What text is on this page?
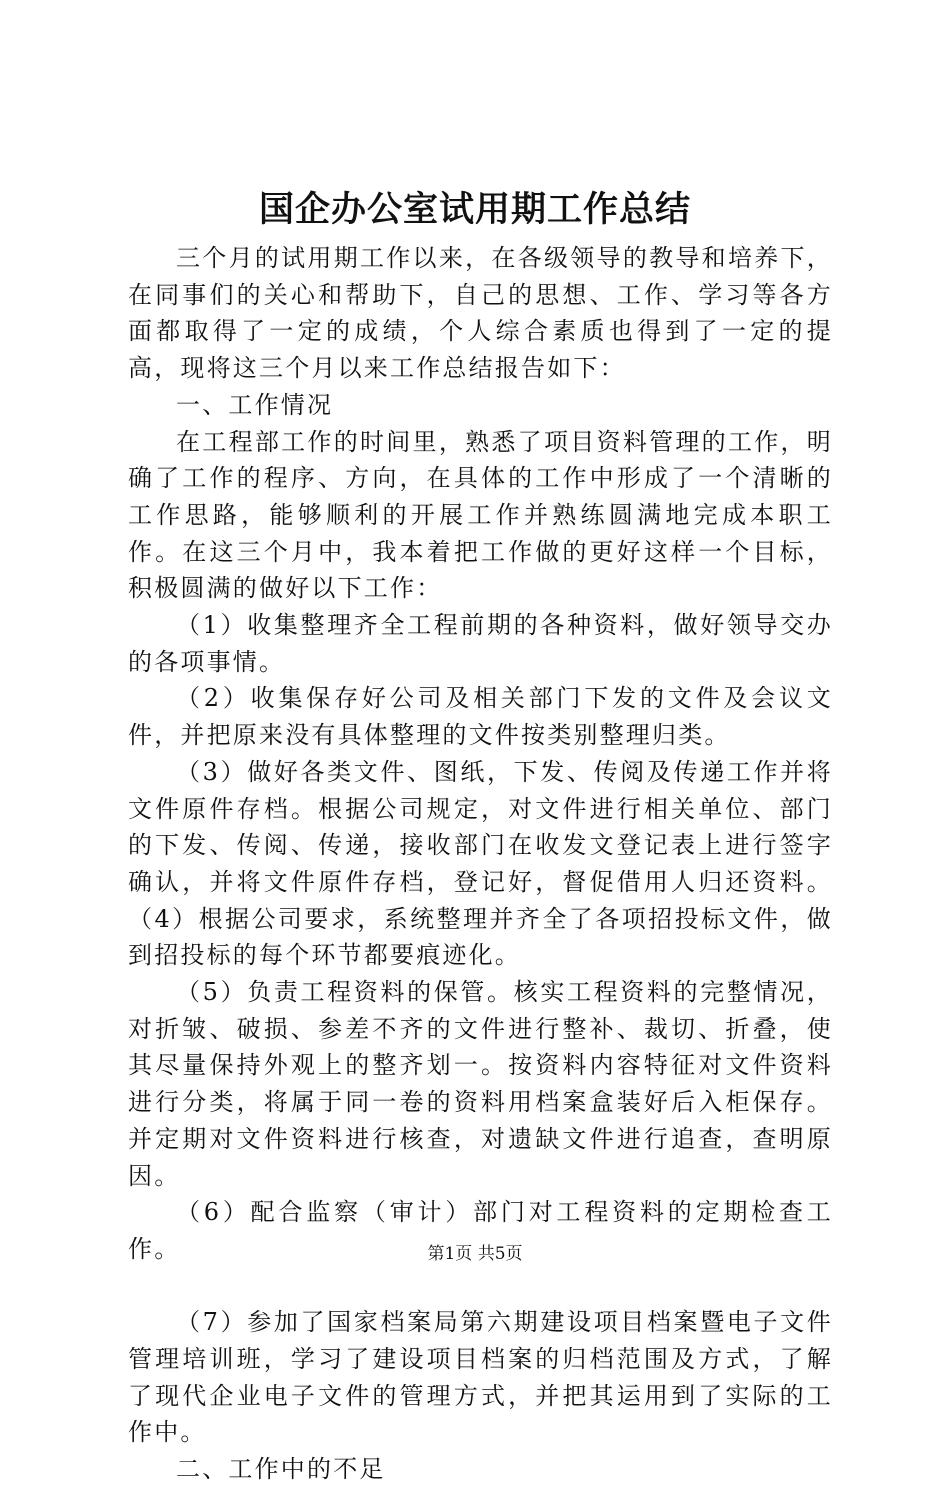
国企办公室试用期工作总结

三个月的试用期工作以来，在各级领导的教导和培养下，在同事们的关心和帮助下，自己的思想、工作、学习等各方面都取得了一定的成绩，个人综合素质也得到了一定的提高，现将这三个月以来工作总结报告如下：

一、工作情况

在工程部工作的时间里，熟悉了项目资料管理的工作，明确了工作的程序、方向，在具体的工作中形成了一个清晰的工作思路，能够顺利的开展工作并熟练圆满地完成本职工作。在这三个月中，我本着把工作做的更好这样一个目标，积极圆满的做好以下工作：

（1）收集整理齐全工程前期的各种资料，做好领导交办的各项事情。

（2）收集保存好公司及相关部门下发的文件及会议文件，并把原来没有具体整理的文件按类别整理归类。

（3）做好各类文件、图纸，下发、传阅及传递工作并将文件原件存档。根据公司规定，对文件进行相关单位、部门的下发、传阅、传递，接收部门在收发文登记表上进行签字确认，并将文件原件存档，登记好，督促借用人归还资料。（4）根据公司要求，系统整理并齐全了各项招投标文件，做到招投标的每个环节都要痕迹化。

（5）负责工程资料的保管。核实工程资料的完整情况，对折皱、破损、参差不齐的文件进行整补、裁切、折叠，使其尽量保持外观上的整齐划一。按资料内容特征对文件资料进行分类，将属于同一卷的资料用档案盒装好后入柜保存。并定期对文件资料进行核查，对遗缺文件进行追查，查明原因。

（6）配合监察（审计）部门对工程资料的定期检查工作。

（7）参加了国家档案局第六期建设项目档案暨电子文件管理培训班，学习了建设项目档案的归档范围及方式，了解了现代企业电子文件的管理方式，并把其运用到了实际的工作中。

二、工作中的不足

第1页 共5页
